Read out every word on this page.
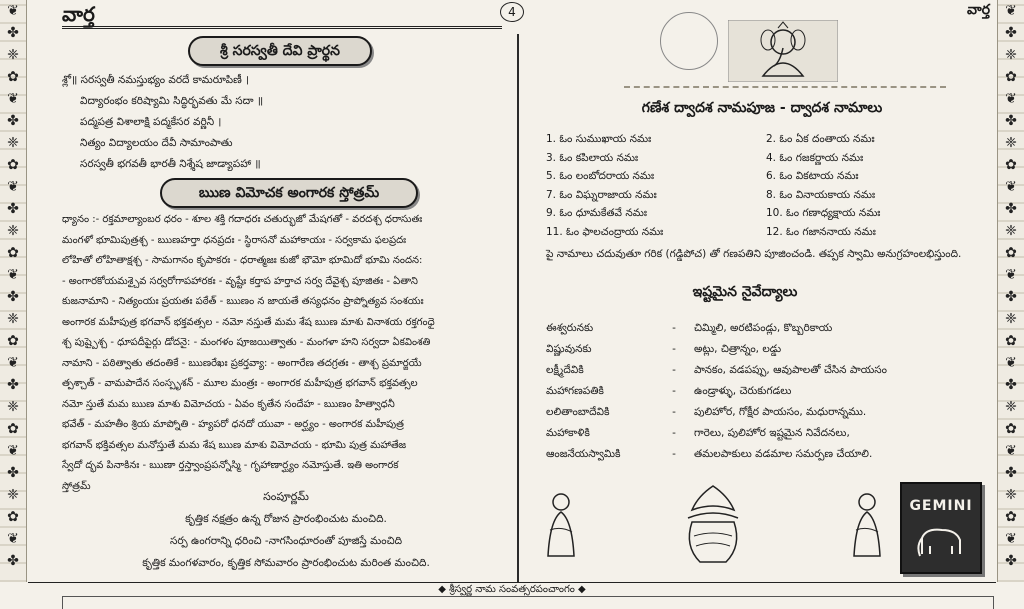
❦
✤
❈
✿
❦
✤
❈
✿
❦
✤
❈
✿
❦
✤
❈
✿
❦
✤
❈
✿
❦
✤
❈
✿
❦
✤
❦
✤
❈
✿
❦
✤
❈
✿
❦
✤
❈
✿
❦
✤
❈
✿
❦
✤
❈
✿
❦
✤
❈
✿
❦
✤
వార్త	వార్త
4
శ్రీ సరస్వతీ దేవి ప్రార్థన
శ్లో॥ సరస్వతీ నమస్తుభ్యం వరదే కామరూపిణీ ।
విద్యారంభం కరిష్యామి సిద్ధిర్భవతు మే సదా ॥
పద్మపత్ర విశాలాక్షి పద్మకేసర వర్ణినీ ।
నిత్యం విద్యాలయం దేవీ సామాంపాతు
సరస్వతీ భగవతీ భారతీ నిశ్శేష జాడ్యాపహా ॥
ఋణ విమోచక అంగారక స్తోత్రమ్
ధ్యానం :- రక్తమాల్యాంబర ధరం - శూల శక్తి గదాధరః చతుర్భుజో మేషగతో - వరదశ్చ ధరాసుతః
మంగళో భూమిపుత్రశ్చ - ఋణహర్తా ధనప్రదః - స్థిరాసనో మహాకాయః - సర్వకామ ఫలప్రదః
లోహితో లోహితాక్షశ్చ - సామగానం కృపాకరః - ధరాత్మజః కుజో భౌమో భూమిదో భూమి నందన:
- అంగారకోయమశ్చైవ సర్వరోగాపహారకః - వృష్టేః కర్తాప హర్తాచ సర్వ దేవైశ్చ పూజితః - ఏతాని
కుజనామాని - నిత్యంయః ప్రయతః పఠేత్ - ఋణం న జాయతే తస్యధనం ప్రాప్నోత్యవ సంశయః
అంగారక మహీపుత్ర భగవాన్ భక్తవత్సల - నమో నస్తుతే మమ శేష ఋణ మాశు వినాశయ రక్తగంధై
శ్చ పుష్పైశ్చ - ధూపదీపైర్గు డోదనై: - మంగళం పూజయిత్వాతు - మంగళా హని సర్వదా ఏకవింశతి
నామాని - పఠిత్వాతు తదంతికే - ఋణరేఖః ప్రకర్తవ్యా: - అంగారేణ తదగ్రతః - తాశ్చ ప్రమార్జయే
త్పశ్చాత్ - వామపాదేన సంస్పృశన్ - మూల మంత్రః - అంగారక మహీపుత్ర భగవాన్ భక్తవత్సల
నమో స్తుతే మమ ఋణ మాశు విమోచయ - ఏవం కృతేన సందేహ - ఋణం హిత్వాధనీ
భవేత్ - మహతీం శ్రియ మాప్నోతి - హ్యపరో ధనదో యువా - అర్ఘ్యం - అంగారక మహీపుత్ర
భగవాన్ భక్తివత్సల మనోస్తుతే మమ శేష ఋణ మాశు విమోచయ - భూమి పుత్ర మహాతేజ
స్వేదో ద్భవ పినాకినః - ఋణా ర్తస్త్వాంప్రపన్నోస్మి - గృహాణార్ఘ్యం నమోస్తుతే. ఇతి అంగారక
స్తోత్రమ్
సంపూర్ణమ్
కృత్తిక నక్షత్రం ఉన్న రోజున ప్రారంభించుట మంచిది.
సర్ప ఉంగరాన్ని ధరించి -నాగసింధూరంతో పూజిస్తే మంచిది
కృత్తిక మంగళవారం, కృత్తిక సోమవారం ప్రారంభించుట మరింత మంచిది.
గణేశ ద్వాదశ నామపూజ - ద్వాదశ నామాలు
1. ఓం సుముఖాయ నమః	2. ఓం ఏక దంతాయ నమః
3. ఓం కపిలాయ నమః	4. ఓం గజకర్ణాయ నమః
5. ఓం లంబోదరాయ నమః	6. ఓం వికటాయ నమః
7. ఓం విఘ్నరాజాయ నమః	8. ఓం వినాయకాయ నమః
9. ఓం ధూమకేతవే నమః	10. ఓం గణాధ్యక్షాయ నమః
11. ఓం ఫాలచంద్రాయ నమః	12. ఓం గజాననాయ నమః
పై నామాలు చదువుతూ గరిక (గడ్డిపోచ) తో గణపతిని పూజించండి. తప్పక స్వామి అనుగ్రహంలభిస్తుంది.
ఇష్టమైన నైవేద్యాలు
ఈశ్వరునకు	-	చిమ్మిలి, అరటిపండ్లు, కొబ్బరికాయ
విష్ణువునకు	-	అట్లు, చిత్రాన్నం, లడ్డు
లక్ష్మీదేవికి	-	పానకం, వడపప్పు, ఆవుపాలతో చేసిన పాయసం
మహాగణపతికి	-	ఉండ్రాళ్ళు, చెరుకుగడలు
లలితాంబాదేవికి	-	పులిహోర, గోక్షీర పాయసం, మధురాన్నము.
మహాకాళికి	-	గారెలు, పులిహోర ఇష్టమైన నివేదనలు,
ఆంజనేయస్వామికి	-	తమలపాకులు వడమాల సమర్పణ చేయాలి.
GEMINI
◆ శ్రీస్వర్ణ నామ సంవత్సరపంచాంగం ◆
